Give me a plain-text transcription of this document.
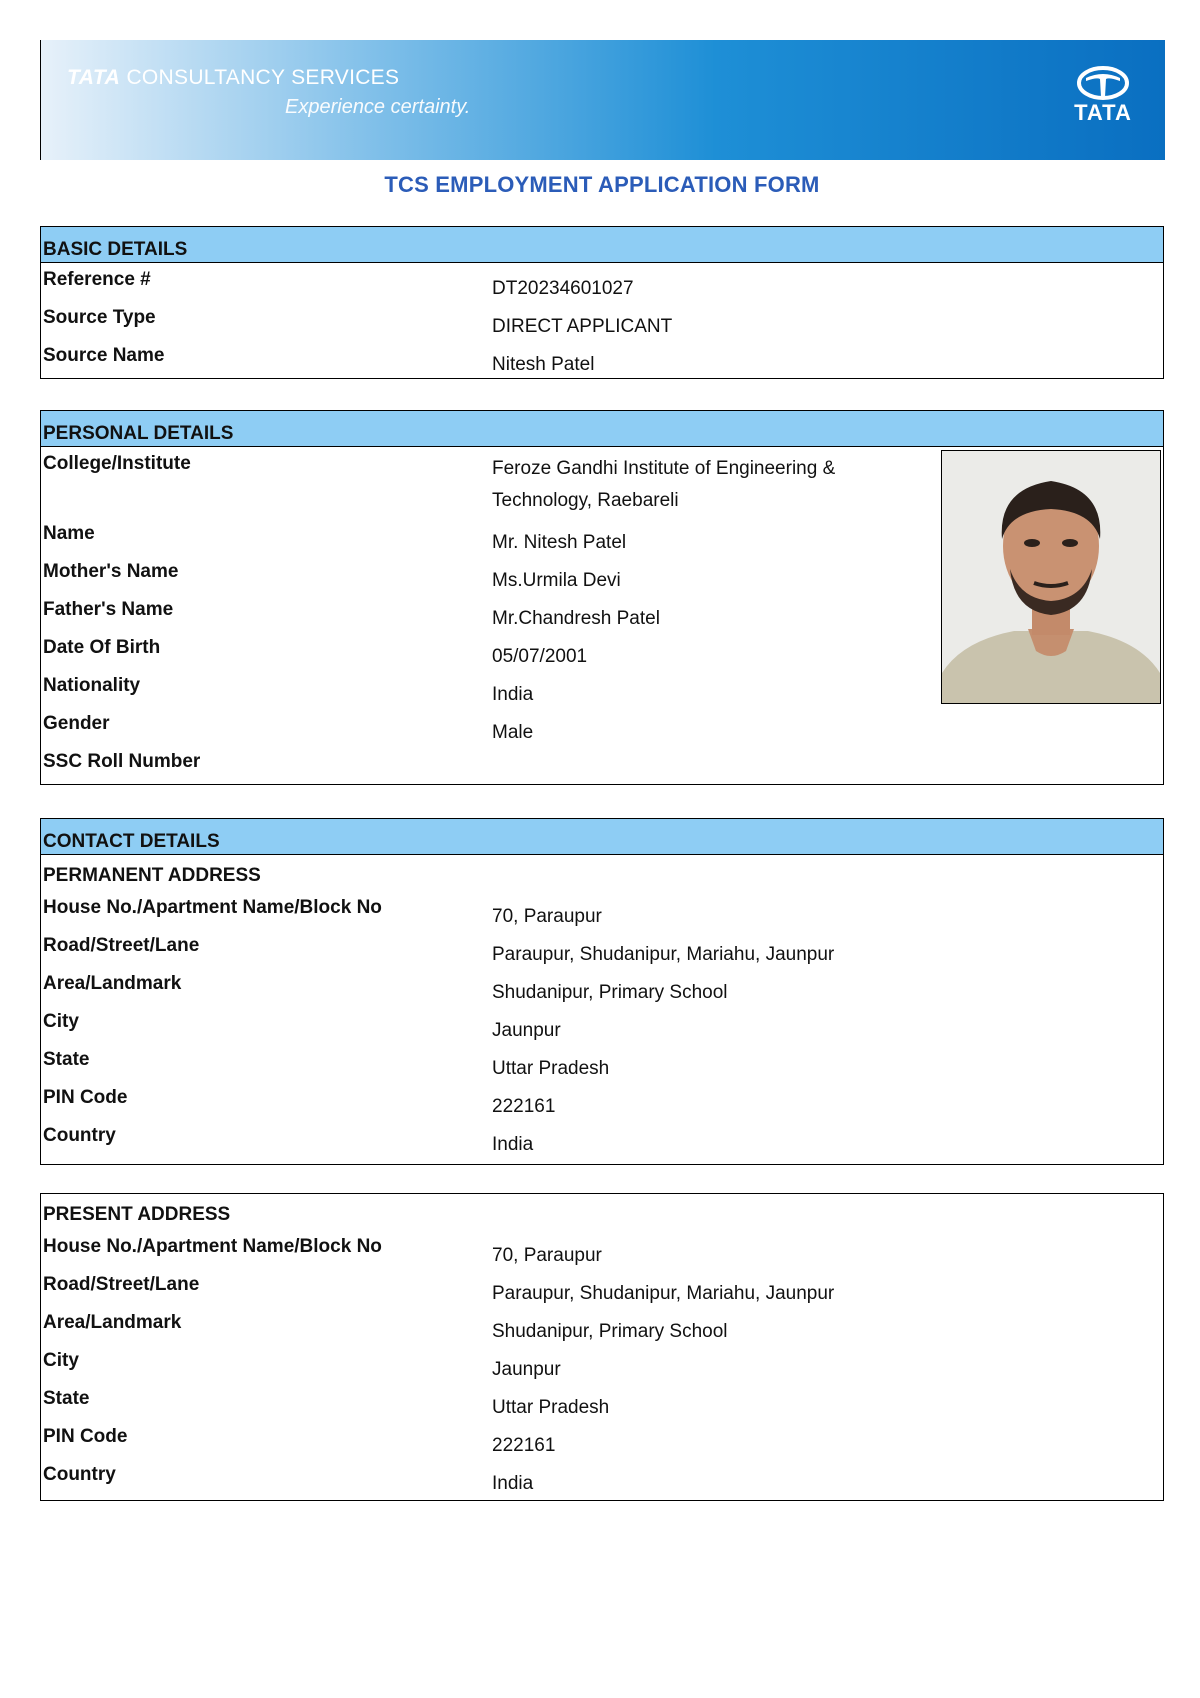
TATA CONSULTANCY SERVICES
Experience certainty.	TATA
TCS EMPLOYMENT APPLICATION FORM
BASIC DETAILS
Reference #	DT20234601027
Source Type	DIRECT APPLICANT
Source Name	Nitesh Patel
PERSONAL DETAILS
College/Institute	Feroze Gandhi Institute of Engineering & Technology, Raebareli
Name	Mr. Nitesh Patel
Mother's Name	Ms.Urmila Devi
Father's Name	Mr.Chandresh Patel
Date Of Birth	05/07/2001
Nationality	India
Gender	Male
SSC Roll Number
CONTACT DETAILS
PERMANENT ADDRESS
House No./Apartment Name/Block No	70, Paraupur
Road/Street/Lane	Paraupur, Shudanipur, Mariahu, Jaunpur
Area/Landmark	Shudanipur, Primary School
City	Jaunpur
State	Uttar Pradesh
PIN Code	222161
Country	India
PRESENT ADDRESS
House No./Apartment Name/Block No	70, Paraupur
Road/Street/Lane	Paraupur, Shudanipur, Mariahu, Jaunpur
Area/Landmark	Shudanipur, Primary School
City	Jaunpur
State	Uttar Pradesh
PIN Code	222161
Country	India
